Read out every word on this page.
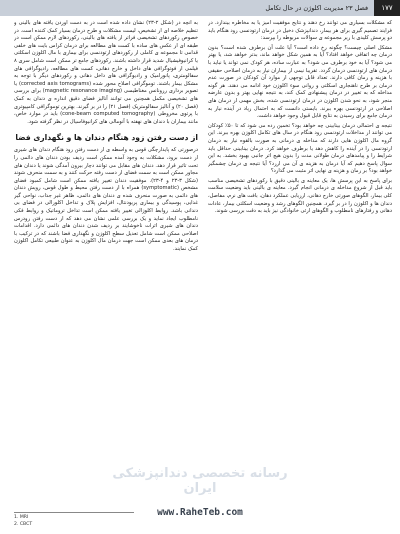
۱۷۷
فصل ۲۳ مدیریت اکلوژن در حال تکامل

که مشکلات بسیاری می توانند رخ دهند و نتایج موفقیت آمیز یا به مخاطره بیندازد. در فرایند تصمیم گیری برای هر بیمار، دندانپزشک دخیل در درمان ارتودنسی زود هنگام باید دو پرسش کلیدی با زیر مجموعه ی سوالات مربوطه را بپرسد:

مشکل اصلی چیست؟ چگونه رخ داده است؟ آیا علت آن برطرف شده است؟ بدون درمان چه اتفاقی خواهد افتاد؟ آیا به همین شکل خواهد ماند، بدتر خواهد شد، یا بهتر می شود؟ آیا به خود برطرف می شود؟ به عبارت ساده، هر کودک نمی تواند یا نباید با درمان های ارتودنسی درمان گردد. تقریبا نیمی از بیماران نیاز به درمان اصلاحی حقیقی با هزینه و زمان کافی دارند. تعداد قابل توجهی از موارد آن کودکان در صورت عدم درمان بر طرح ناهنجاری اسکلتی و روانی سوء اکلوژن خود ادامه می دهند. هر گونه مداخله که به تغییر در درمان پیشنهادی کمک کند، به نتیجه نهایی بهتر و بدون عارضه منجر شود، به نحو شدن اکلوژن در درمان ارتودنسی شده، بخش مهمی از درمان های اصلاحی در ارتودنسی بهره ببرند. بایستی دانست که به احتمال زیاد در آینده نیاز به درمان جامع برای رسیدن به نتایج قابل قبول وجود خواهد داشت.

نتیجه ی احتمالی درمان بینابینی چه خواهد بود؟ تخمین زده می شود که تا ۵۰٪ کودکان می توانند از مداخلات ارتودنسی زود هنگام در سال های تکامل اکلوژن بهره ببرند. این گروه مال اکلوژن هایی دارند که مداخله ی درمانی به صورت بالقوه نیاز به درمان ارتودنسی را در آینده را کاهش دهد یا برطرف خواهد کرد. درمان بینابینی حداقل باید شرایط را و پیامدهای درمان طولانی مدت را بدون هیچ اثر جانبی بهبود بخشد. به این سوال پاسخ دهیم که آیا درمان به هزینه ی آن می ارزد؟ آیا نتیجه ی درمان چشمگیر خواهد بود؟ بر زمان و هزینه ی نهایی اثر مثبت می گذارد؟

برای پاسخ به این پرسش ها، یک معاینه ی بالینی دقیق با رکوردهای تشخیصی مناسب باید قبل از شروع مداخله ی درمانی انجام گیرد. معاینه ی بالینی باید وضعیت سلامت کلی بیمار، الگوهای صورتی خارج دهانی، ارزیابی عملکرد دهان، بافت های نرم، مفاصل، دندان ها و اکلوژن را در بر گیرد. همچنین الگوهای رشد و وضعیت اسکلتی بیمار، عادات دهانی و رفتارهای نامطلوب و الگوهای ارثی خانوادگی نیز باید به دقت بررسی شوند.

به آنچه در (شکل ۲-۲۳) نشان داده شده است در به دست آوردن یافته های بالینی و تنظیم خلاصه ای از تشخیص، لیست مشکلات و طرح درمان بسیار کمک کننده است. در خصوص رکوردهای تشخیصی فراتر از یافته های بالینی، رکوردهای لازم ممکن است در طبقه ای از عکس های ساده با کست های مطالعه برای درمان کراس بایت های خلفی قدامی تا مجموعه ی کاملی از رکوردهای ارتودنسی برای بیماری با مال اکلوژن اسکلتی یا کرانیوفیشیال شدید قرار داشته باشند. رکوردهای جامع تر ممکن است شامل سری ۸ فیلمی از فوتوگرافی های داخل و خارج دهانی، کست های مطالعه، رادیوگرافی های سفالومتری، پانورامیک و رادیوگرافی های داخل دهانی و رکوردهای دیگر با توجه به مشکل بیمار باشند. توموگرافی اصلاح محور شده (corrected axis tomograms) یا تصویر برداری رزونانس مغناطیسی (magnetic resonance imaging) برای بررسی های تشخیصی مکمل همچنین می توانند آنالیز فضای دقیق اندازه ی دندان به کمک (فصل ۲۰) و آنالیز سفالومتریک (فصل ۲۱) را در بر گیرند. بهترین توموگرافی کامپیوتری با پرتوی مخروطی (cone-beam computed tomography) باید در موارد خاص، مانند بیماران با دندان های نهفته با آنومالی های کرانیوفاسیال در نظر گرفته شود.

از دست رفتن زود هنگام دندان ها و نگهداری فضا

درصورتی که پایدارچگی قوس به واسطه ی از دست رفتن زود هنگام دندان های شیری از دست برود، مشکلات به وجود آمده ممکن است ردیف بودن دندان های دائمی را تحت تاثیر قرار دهد. دندان های مقابل می توانند دچار بیرون آمدگی شوند یا دندان های مجاور ممکن است به سمت فضای از دست رفته حرکت کنند و به سمت منحرف شوند (شکل ۳-۲۳ و ۴-۲۳). موفقیت دندان تغییر یافته ممکن است شامل کمبود فضای مشخص (symptomatic) همراه با از دست رفتن محیط و طول قوس، رویش دندان های دائمی به صورت منحرف شده ی دندان های دائمی، ظاهر غیر جذاب، نواحی گیر غذایی، پوسیدگی و بیماری پریودنتال، افزایش پلاک و تداخل اکلوزالی در فضای بی دندانی باشد. روابط اکلوژالی تغییر یافته ممکن است تداخل تروماتیک و روابط فکی نامطلوب ایجاد نماید و یک بررسی علمی نشان می دهد که از دست رفتن زودرس دندان های شیری اثرات ناخوشایند بر ردیف شدن دندان های دائمی دارد. اقدامات اصلاحی ممکن است شامل تعدیل سطح اکلوژن و نگهداری فضا باشند که در ترکیب با درمان های بعدی ممکن است جهت درمان مال اکلوژن به عنوان طبیعی تکامل اکلوژن کمک نمایند.

رسانه تخصصی دندانپزشکی ایران
1. MRI
2. CBCT
www.RaheTeb.com
